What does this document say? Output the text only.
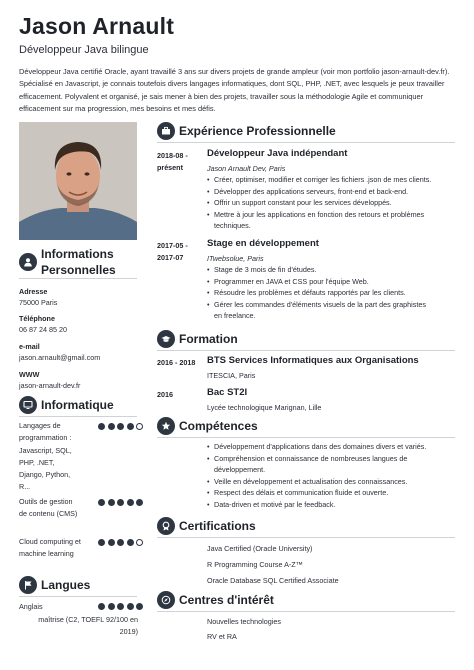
Jason Arnault
Développeur Java bilingue
Développeur Java certifié Oracle, ayant travaillé 3 ans sur divers projets de grande ampleur (voir mon portfolio jason-arnault-dev.fr). Spécialisé en Javascript, je connais toutefois divers langages informatiques, dont SQL, PHP, .NET, avec lesquels je peux travailler efficacement. Polyvalent et organisé, je sais mener à bien des projets, travailler sous la méthodologie Agile et communiquer efficacement sur ma progression, mes besoins et mes défis.
Informations Personnelles
Adresse
75000 Paris
Téléphone
06 87 24 85 20
e-mail
jason.arnault@gmail.com
WWW
jason-arnault-dev.fr
Informatique
Langages de programmation : Javascript, SQL, PHP, .NET, Django, Python, R...
Outils de gestion de contenu (CMS)
Cloud computing et machine learning
Langues
Anglais
maîtrise (C2, TOEFL 92/100 en 2019)
Expérience Professionnelle
2018-08 - présent
Développeur Java indépendant
Jason Arnault Dev, Paris
• Créer, optimiser, modifier et corriger les fichiers .json de mes clients.
• Développer des applications serveurs, front-end et back-end.
• Offrir un support constant pour les services développés.
• Mettre à jour les applications en fonction des retours et problèmes techniques.
2017-05 - 2017-07
Stage en développement
ITwebsolue, Paris
• Stage de 3 mois de fin d'études.
• Programmer en JAVA et CSS pour l'équipe Web.
• Résoudre les problèmes et défauts rapportés par les clients.
• Gérer les commandes d'éléments visuels de la part des graphistes en freelance.
Formation
2016 - 2018	BTS Services Informatiques aux Organisations
ITESCIA, Paris
2016	Bac ST2I
Lycée technologique Marignan, Lille
Compétences
• Développement d'applications dans des domaines divers et variés.
• Compréhension et connaissance de nombreuses langues de développement.
• Veille en développement et actualisation des connaissances.
• Respect des délais et communication fluide et ouverte.
• Data-driven et motivé par le feedback.
Certifications
Java Certified (Oracle University)
R Programming Course A-Z™
Oracle Database SQL Certified Associate
Centres d'intérêt
Nouvelles technologies
RV et RA
